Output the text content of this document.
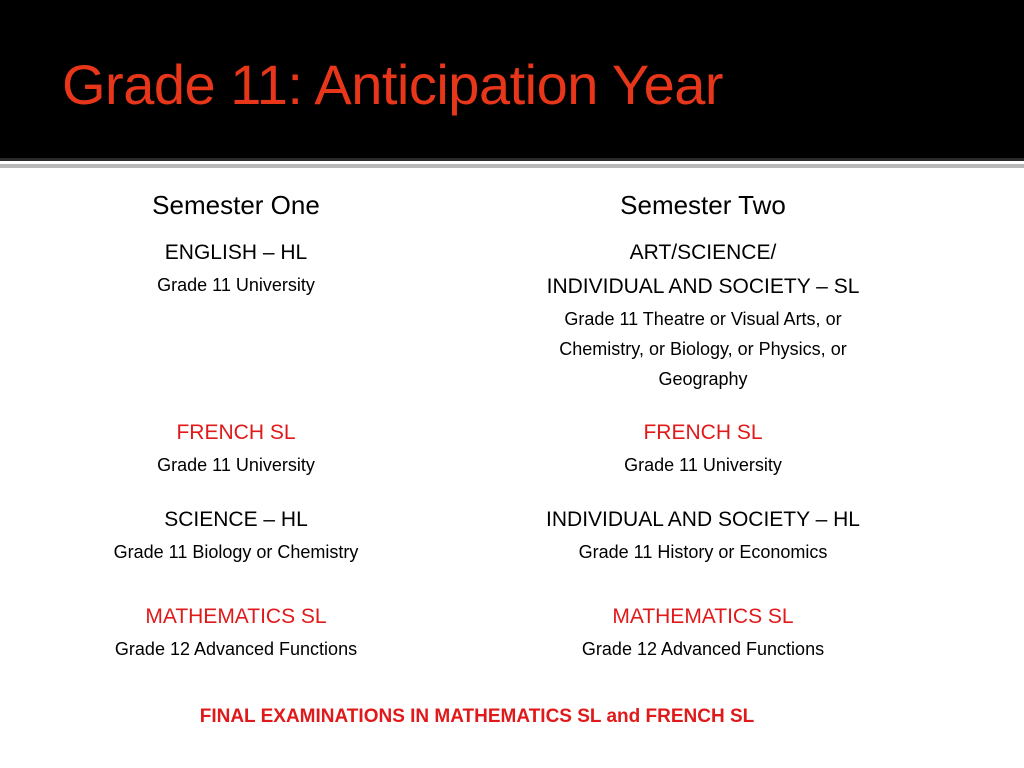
Grade 11: Anticipation Year
Semester One
ENGLISH – HL
Grade 11 University
FRENCH SL
Grade 11 University
SCIENCE – HL
Grade 11 Biology or Chemistry
MATHEMATICS SL
Grade 12 Advanced Functions
Semester Two
ART/SCIENCE/
INDIVIDUAL AND SOCIETY – SL
Grade 11 Theatre or Visual Arts, or
Chemistry, or Biology, or Physics, or
Geography
FRENCH SL
Grade 11 University
INDIVIDUAL AND SOCIETY – HL
Grade 11 History or Economics
MATHEMATICS SL
Grade 12 Advanced Functions
FINAL EXAMINATIONS IN MATHEMATICS SL and FRENCH SL
